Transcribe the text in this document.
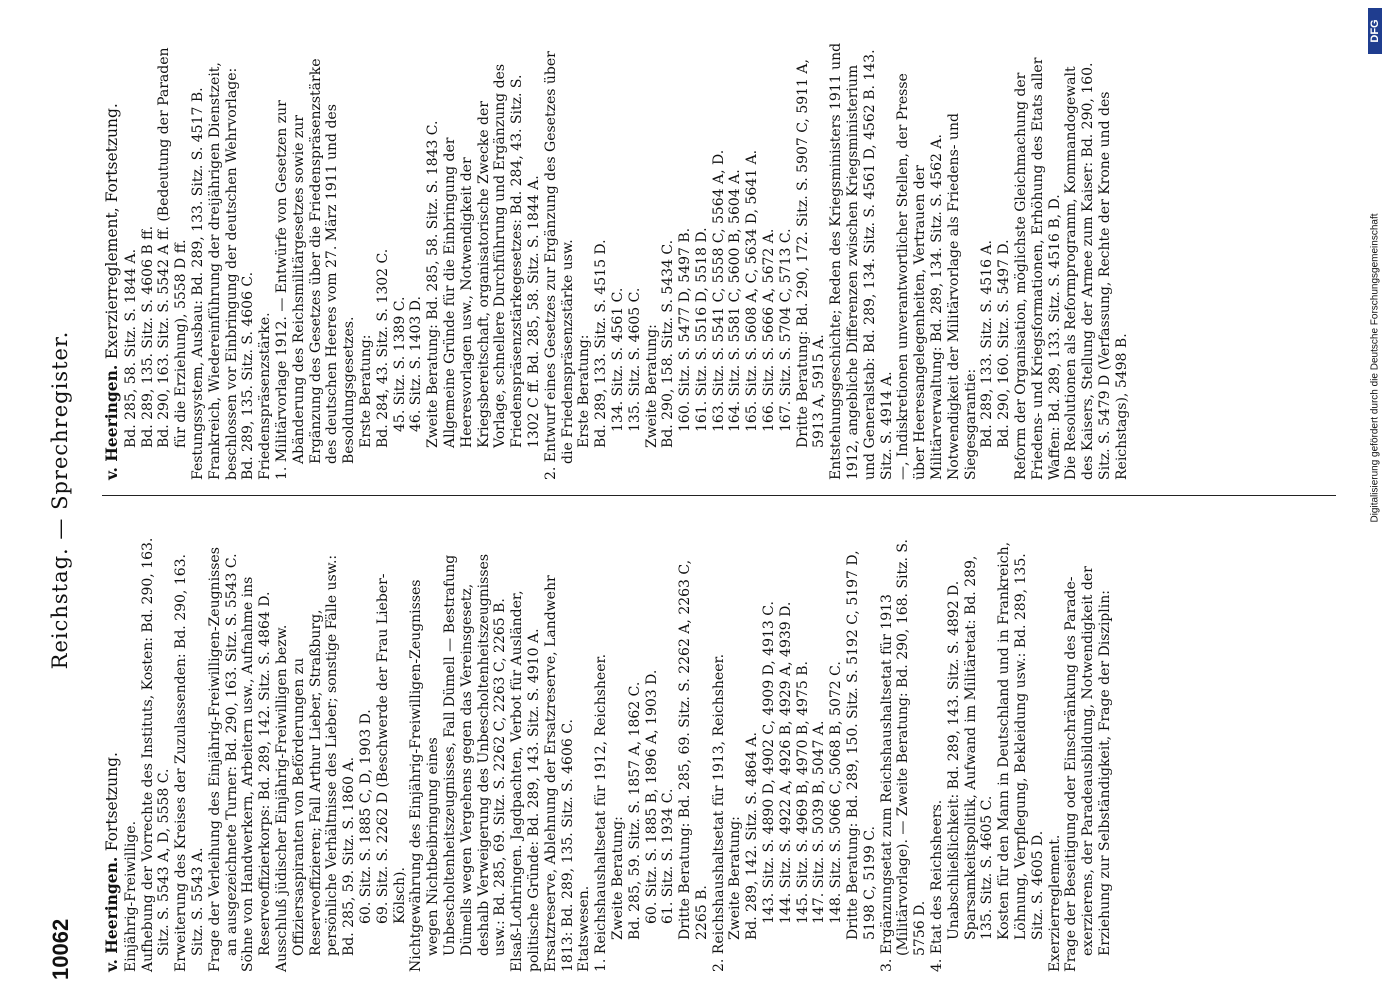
10062
Reichstag. — Sprechregister.
v. Heeringen. Fortsetzung.
Einjährig-Freiwillige. Aufhebung der Vorrechte des Instituts, Kosten: Bd. 290, 163. Sitz. S. 5543 A, D, 5558 C. Erweiterung des Kreises der Zuzulassenden: Bd. 290, 163. Sitz. S. 5543 A. Frage der Verleihung des Einjährig-Freiwilligen-Zeugnisses an ausgezeichnete Turner: Bd. 290, 163. Sitz. S. 5543 C. Söhne von Handwerkern, Arbeitern usw., Aufnahme ins Reserveoffizierkorps: Bd. 289, 142. Sitz. S. 4864 D. Ausschluß jüdischer Einjährig-Freiwilligen bezw. Offiziersaspiranten von Beförderungen zu Reserveoffizieren; Fall Arthur Lieber, Straßburg, persönliche Verhältnisse des Lieber; sonstige Fälle usw.: Bd. 285, 59. Sitz. S. 1860 A. 60. Sitz. S. 1885 C, D, 1903 D. 69. Sitz. S. 2262 D (Beschwerde der Frau Lieber-Kölsch). Nichtgewährung des Einjährig-Freiwilligen-Zeugnisses wegen Nichtbeibringung eines Unbescholtenheitszeugnisses, Fall Dümell — Bestrafung Dümells wegen Vergehens gegen das Vereinsgesetz, deshalb Verweigerung des Unbescholtenheitszeugnisses usw.: Bd. 285, 69. Sitz. S. 2262 C, 2263 C, 2265 B. Elsaß-Lothringen. Jagdpachten, Verbot für Ausländer, politische Gründe: Bd. 289, 143. Sitz. S. 4910 A. Ersatzreserve, Ablehnung der Ersatzreserve, Landwehr 1813: Bd. 289, 135. Sitz. S. 4606 C. Etatswesen. 1. Reichshaushaltsetat für 1912, Reichsheer. Zweite Beratung: Bd. 285, 59. Sitz. S. 1857 A, 1862 C. 60. Sitz. S. 1885 B, 1896 A, 1903 D. 61. Sitz. S. 1934 C. Dritte Beratung: Bd. 285, 69. Sitz. S. 2262 A, 2263 C, 2265 B. 2. Reichshaushaltsetat für 1913, Reichsheer. Zweite Beratung: Bd. 289, 142. Sitz. S. 4864 A. 143. Sitz. S. 4890 D, 4902 C, 4909 D, 4913 C. 144. Sitz. S. 4922 A, 4926 B, 4929 A, 4939 D. 145. Sitz. S. 4969 B, 4970 B, 4975 B. 147. Sitz. S. 5039 B, 5047 A. 148. Sitz. S. 5066 C, 5068 B, 5072 C. Dritte Beratung: Bd. 289, 150. Sitz. S. 5192 C, 5197 D, 5198 C, 5199 C. 3. Ergänzungsetat zum Reichshaushaltsetat für 1913 (Militärvorlage). — Zweite Beratung: Bd. 290, 168. Sitz. S. 5756 D. 4. Etat des Reichsheers. Unabschließlichkeit: Bd. 289, 143. Sitz. S. 4892 D. Sparsamkeitspolitik, Aufwand im Militäretat: Bd. 289, 135. Sitz. S. 4605 C. Kosten für den Mann in Deutschland und in Frankreich, Löhnung, Verpflegung, Bekleidung usw.: Bd. 289, 135. Sitz. S. 4605 D. Exerzierreglement. Frage der Beseitigung oder Einschränkung des Parade-exerzierens, der Paradeausbildung, Notwendigkeit der Erziehung zur Selbständigkeit, Frage der Disziplin:
v. Heeringen. Exerzierreglement, Fortsetzung. Bd. 285, 58. Sitz. S. 1844 A. Bd. 289, 135. Sitz. S. 4606 B ff. Bd. 290, 163. Sitz. S. 5542 A ff. (Bedeutung der Paraden für die Erziehung), 5558 D ff. Festungssystem, Ausbau: Bd. 289, 133. Sitz. S. 4517 B. Frankreich, Wiedereinführung der dreijährigen Dienstzeit, beschlossen vor Einbringung der deutschen Wehrvorlage: Bd. 289, 135. Sitz. S. 4606 C. Friedenspräsenzstärke. 1. Militärvorlage 1912. — Entwürfe von Gesetzen zur Abänderung des Reichsmilitärgesetzes sowie zur Ergänzung des Gesetzes über die Friedenspräsenzstärke des deutschen Heeres vom 27. März 1911 und des Besoldungsgesetzes. Erste Beratung: Bd. 284, 43. Sitz. S. 1302 C. 45. Sitz. S. 1389 C. 46. Sitz. S. 1403 D. Zweite Beratung: Bd. 285, 58. Sitz. S. 1843 C. Allgemeine Gründe für die Einbringung der Heeresvorlagen usw., Notwendigkeit der Kriegsbereitschaft, organisatorische Zwecke der Vorlage, schnellere Durchführung und Ergänzung des Friedenspräsenzstärkegesetzes: Bd. 284, 43. Sitz. S. 1302 C ff. Bd. 285, 58. Sitz. S. 1844 A. 2. Entwurf eines Gesetzes zur Ergänzung des Gesetzes über die Friedenspräsenzstärke usw. Erste Beratung: Bd. 289, 133. Sitz. S. 4515 D. 134. Sitz. S. 4561 C. 135. Sitz. S. 4605 C. Zweite Beratung: Bd. 290, 158. Sitz. S. 5434 C. 160. Sitz. S. 5477 D, 5497 B. 161. Sitz. S. 5516 D, 5518 D. 163. Sitz. S. 5541 C, 5558 C, 5564 A, D. 164. Sitz. S. 5581 C, 5600 B, 5604 A. 165. Sitz. S. 5608 A, C, 5634 D, 5641 A. 166. Sitz. S. 5666 A, 5672 A. 167. Sitz. S. 5704 C, 5713 C. Dritte Beratung: Bd. 290, 172. Sitz. S. 5907 C, 5911 A, 5913 A, 5915 A. Entstehungsgeschichte; Reden des Kriegsministers 1911 und 1912, angebliche Differenzen zwischen Kriegsministerium und Generalstab: Bd. 289, 134. Sitz. S. 4561 D, 4562 B. 143. Sitz. S. 4914 A. —, Indiskretionen unverantwortlicher Stellen, der Presse über Heeresangelegenheiten, Vertrauen der Militärverwaltung: Bd. 289, 134. Sitz. S. 4562 A. Notwendigkeit der Militärvorlage als Friedens- und Siegesgarantie: Bd. 289, 133. Sitz. S. 4516 A. Bd. 290, 160. Sitz. S. 5497 D. Reform der Organisation, möglichste Gleichmachung der Friedens- und Kriegsformationen, Erhöhung des Etats aller Waffen: Bd. 289, 133. Sitz. S. 4516 B, D. Die Resolutionen als Reformprogramm, Kommandogewalt des Kaisers, Stellung der Armee zum Kaiser: Bd. 290, 160. Sitz. S. 5479 D (Verfassung, Rechte der Krone und des Reichstags), 5498 B.
DFG
Digitalisierung gefördert durch die Deutsche Forschungsgemeinschaft
